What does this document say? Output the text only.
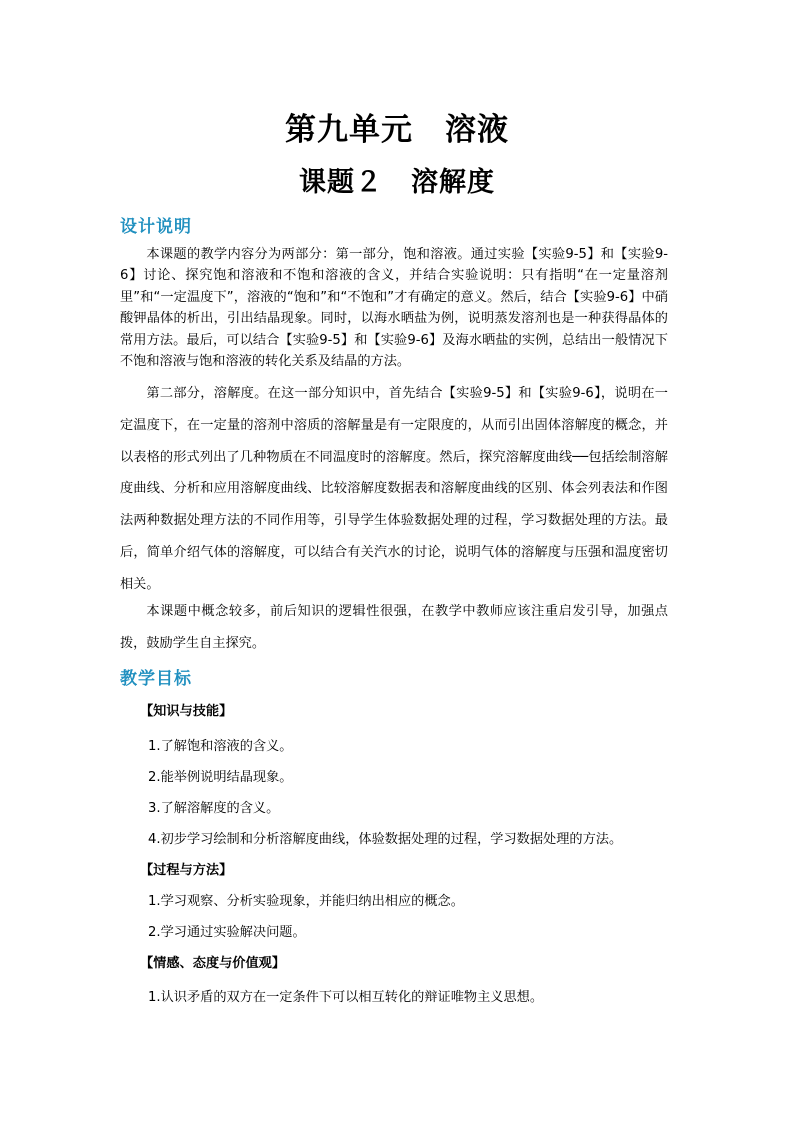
第九单元　溶液
课题２　溶解度
设计说明
本课题的教学内容分为两部分：第一部分，饱和溶液。通过实验【实验9-5】和【实验9-6】讨论、探究饱和溶液和不饱和溶液的含义，并结合实验说明：只有指明“在一定量溶剂里”和“一定温度下”，溶液的“饱和”和“不饱和”才有确定的意义。然后，结合【实验9-6】中硝酸钾晶体的析出，引出结晶现象。同时，以海水晒盐为例，说明蒸发溶剂也是一种获得晶体的常用方法。最后，可以结合【实验9-5】和【实验9-6】及海水晒盐的实例，总结出一般情况下不饱和溶液与饱和溶液的转化关系及结晶的方法。
第二部分，溶解度。在这一部分知识中，首先结合【实验9-5】和【实验9-6】，说明在一定温度下，在一定量的溶剂中溶质的溶解量是有一定限度的，从而引出固体溶解度的概念，并以表格的形式列出了几种物质在不同温度时的溶解度。然后，探究溶解度曲线──包括绘制溶解度曲线、分析和应用溶解度曲线、比较溶解度数据表和溶解度曲线的区别、体会列表法和作图法两种数据处理方法的不同作用等，引导学生体验数据处理的过程，学习数据处理的方法。最后，简单介绍气体的溶解度，可以结合有关汽水的讨论，说明气体的溶解度与压强和温度密切相关。
本课题中概念较多，前后知识的逻辑性很强，在教学中教师应该注重启发引导，加强点拨，鼓励学生自主探究。
教学目标
【知识与技能】
1.了解饱和溶液的含义。
2.能举例说明结晶现象。
3.了解溶解度的含义。
4.初步学习绘制和分析溶解度曲线，体验数据处理的过程，学习数据处理的方法。
【过程与方法】
1.学习观察、分析实验现象，并能归纳出相应的概念。
2.学习通过实验解决问题。
【情感、态度与价值观】
1.认识矛盾的双方在一定条件下可以相互转化的辩证唯物主义思想。
